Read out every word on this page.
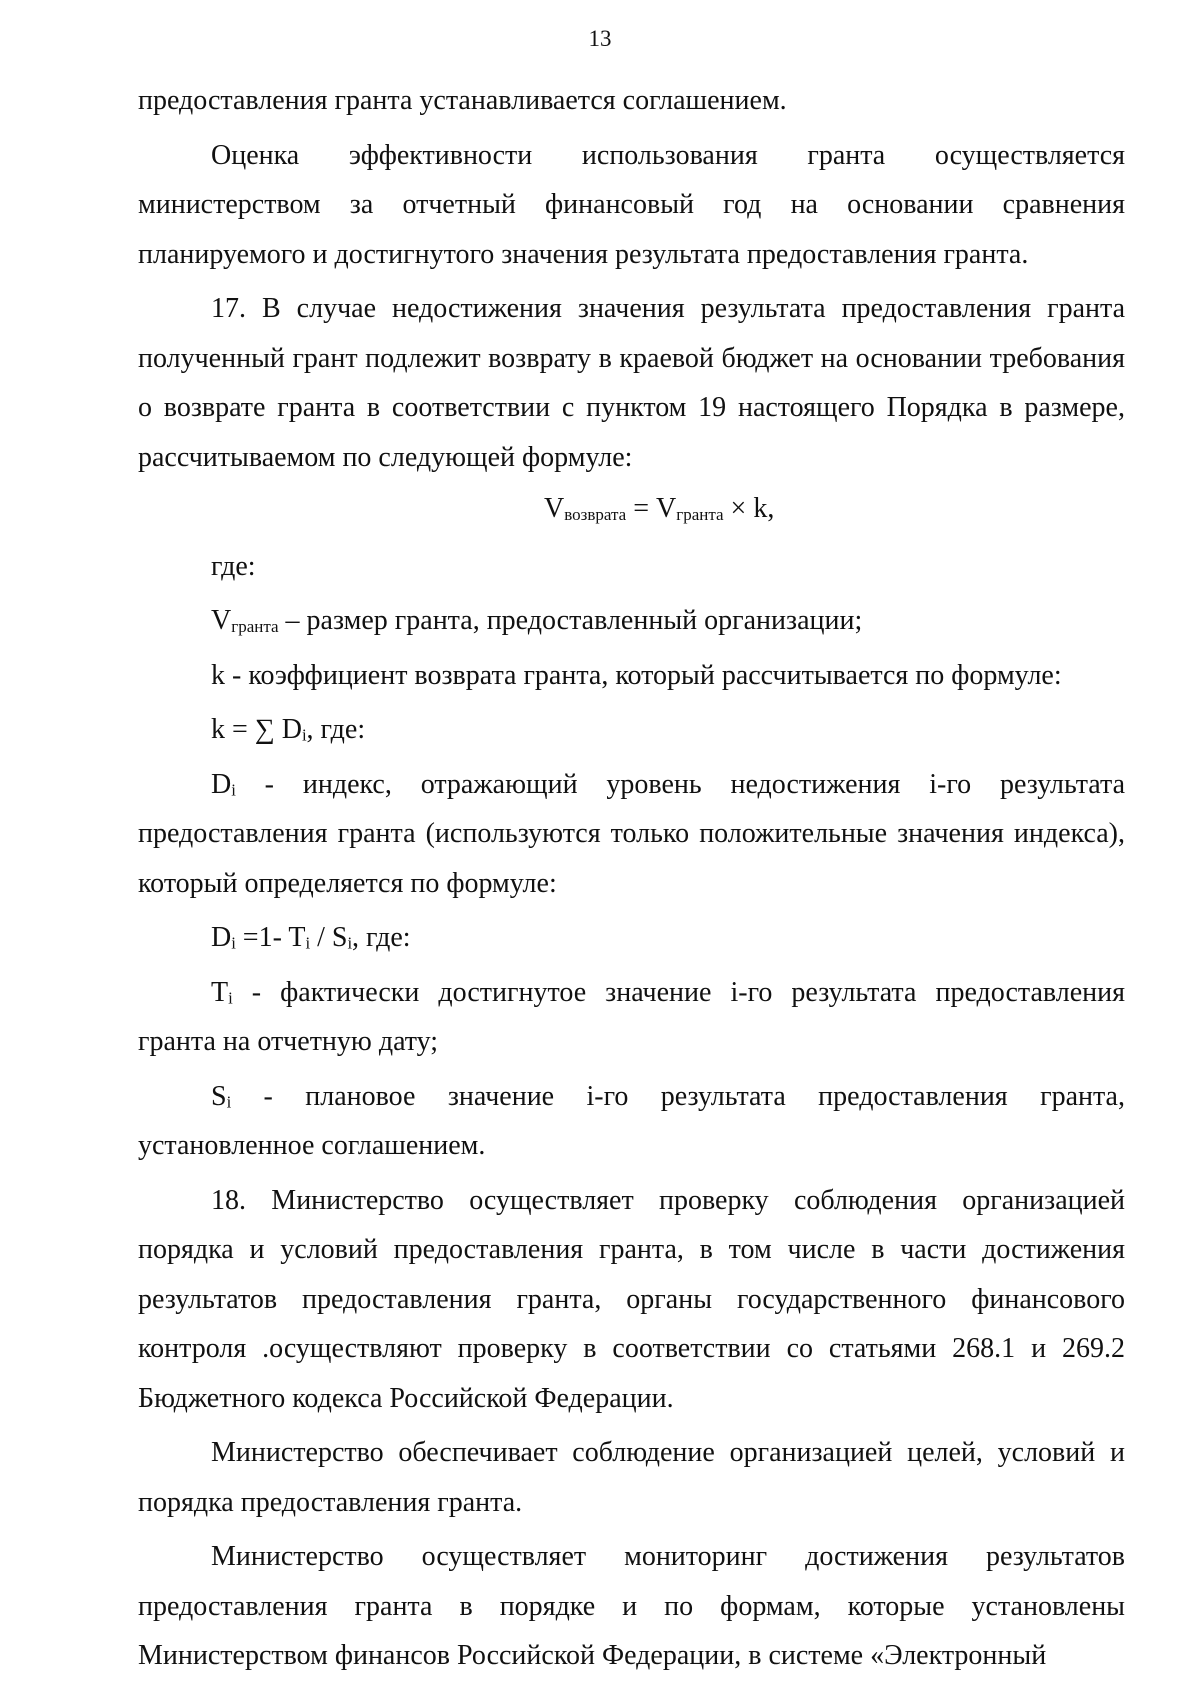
13

предоставления гранта устанавливается соглашением.

Оценка эффективности использования гранта осуществляется министерством за отчетный финансовый год на основании сравнения планируемого и достигнутого значения результата предоставления гранта.

17. В случае недостижения значения результата предоставления гранта полученный грант подлежит возврату в краевой бюджет на основании требования о возврате гранта в соответствии с пунктом 19 настоящего Порядка в размере, рассчитываемом по следующей формуле:

$V_{возврата} = V_{гранта} \times k$,

где:

$V_{гранта}$ – размер гранта, предоставленный организации;

k - коэффициент возврата гранта, который рассчитывается по формуле:

k = ∑ Dᵢ, где:

Dᵢ - индекс, отражающий уровень недостижения i-го результата предоставления гранта (используются только положительные значения индекса), который определяется по формуле:

Dᵢ =1- Tᵢ / Sᵢ, где:

Tᵢ - фактически достигнутое значение i-го результата предоставления гранта на отчетную дату;

Sᵢ - плановое значение i-го результата предоставления гранта, установленное соглашением.

18. Министерство осуществляет проверку соблюдения организацией порядка и условий предоставления гранта, в том числе в части достижения результатов предоставления гранта, органы государственного финансового контроля .осуществляют проверку в соответствии со статьями 268.1 и 269.2 Бюджетного кодекса Российской Федерации.

Министерство обеспечивает соблюдение организацией целей, условий и порядка предоставления гранта.

Министерство осуществляет мониторинг достижения результатов предоставления гранта в порядке и по формам, которые установлены Министерством финансов Российской Федерации, в системе «Электронный
